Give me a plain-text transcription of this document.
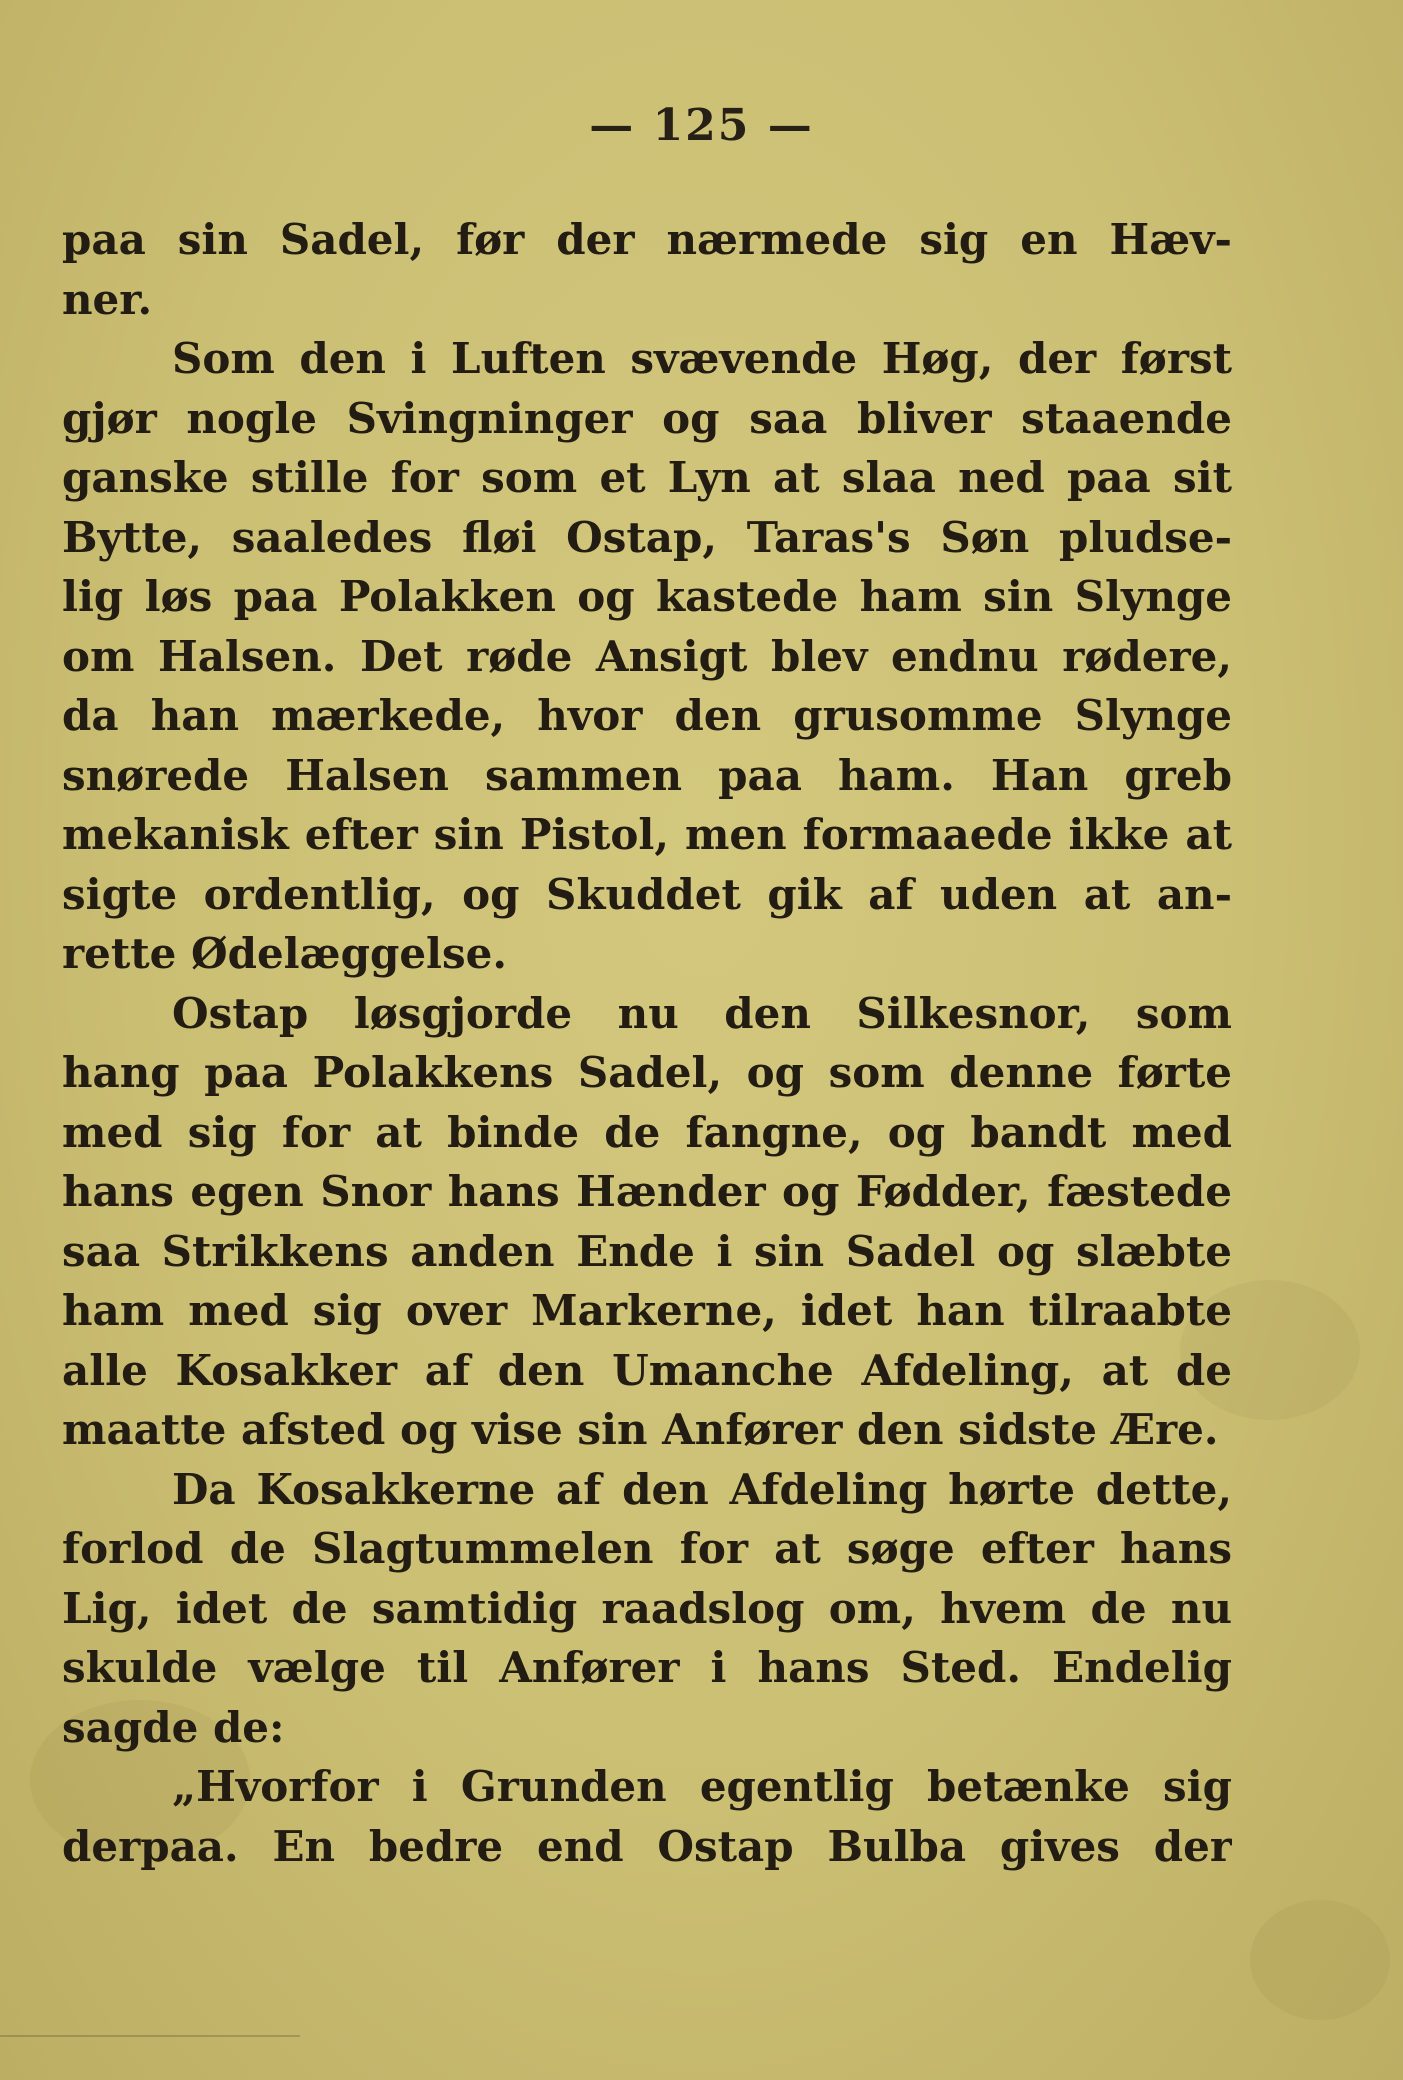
— 125 —
paa sin Sadel, før der nærmede sig en Hæv-
ner.
Som den i Luften svævende Høg, der først
gjør nogle Svingninger og saa bliver staaende
ganske stille for som et Lyn at slaa ned paa sit
Bytte, saaledes fløi Ostap, Taras's Søn pludse-
lig løs paa Polakken og kastede ham sin Slynge
om Halsen. Det røde Ansigt blev endnu rødere,
da han mærkede, hvor den grusomme Slynge
snørede Halsen sammen paa ham. Han greb
mekanisk efter sin Pistol, men formaaede ikke at
sigte ordentlig, og Skuddet gik af uden at an-
rette Ødelæggelse.
Ostap løsgjorde nu den Silkesnor, som
hang paa Polakkens Sadel, og som denne førte
med sig for at binde de fangne, og bandt med
hans egen Snor hans Hænder og Fødder, fæstede
saa Strikkens anden Ende i sin Sadel og slæbte
ham med sig over Markerne, idet han tilraabte
alle Kosakker af den Umanche Afdeling, at de
maatte afsted og vise sin Anfører den sidste Ære.
Da Kosakkerne af den Afdeling hørte dette,
forlod de Slagtummelen for at søge efter hans
Lig, idet de samtidig raadslog om, hvem de nu
skulde vælge til Anfører i hans Sted. Endelig
sagde de:
„Hvorfor i Grunden egentlig betænke sig
derpaa. En bedre end Ostap Bulba gives der
